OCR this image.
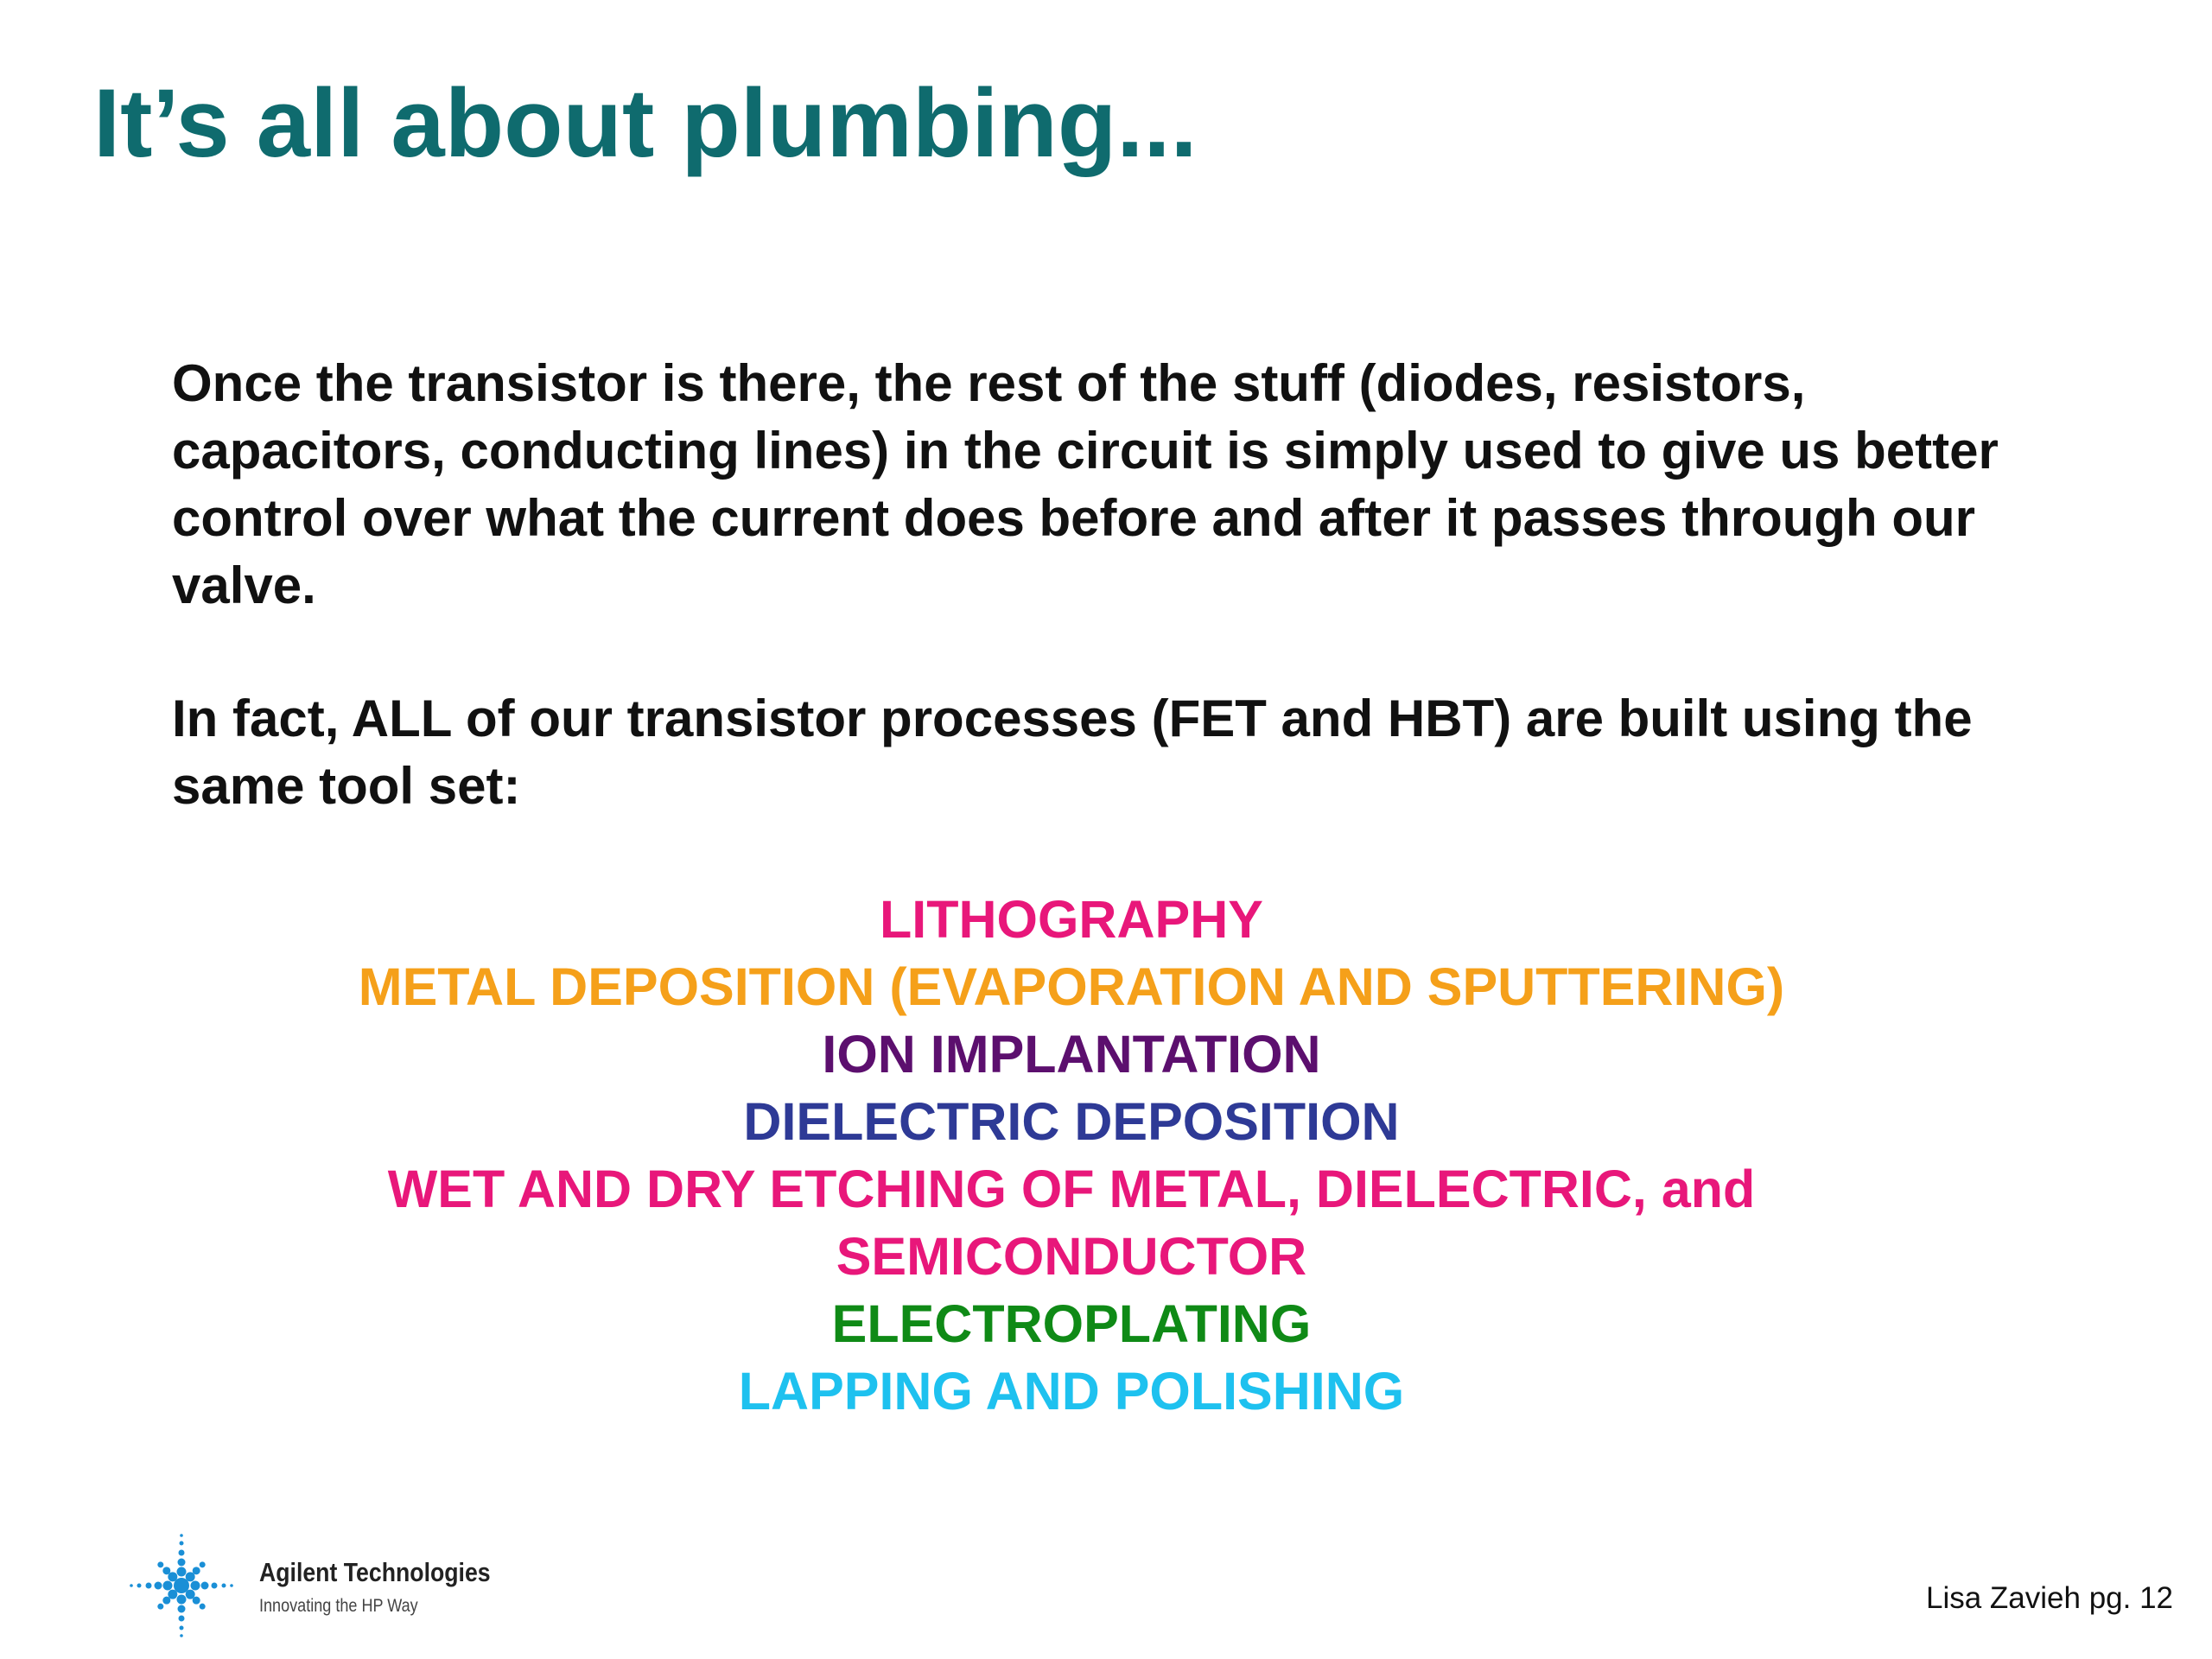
It’s all about plumbing...

Once the transistor is there, the rest of the stuff (diodes, resistors, capacitors, conducting lines) in the circuit is simply used to give us better control over what the current does before and after it passes through our valve.

In fact, ALL of our transistor processes (FET and HBT) are built using the same tool set:

LITHOGRAPHY
METAL DEPOSITION (EVAPORATION AND SPUTTERING)
ION IMPLANTATION
DIELECTRIC DEPOSITION
WET AND DRY ETCHING OF METAL, DIELECTRIC, and
SEMICONDUCTOR
ELECTROPLATING
LAPPING AND POLISHING

Agilent Technologies

Innovating the HP Way	Lisa Zavieh pg. 12
